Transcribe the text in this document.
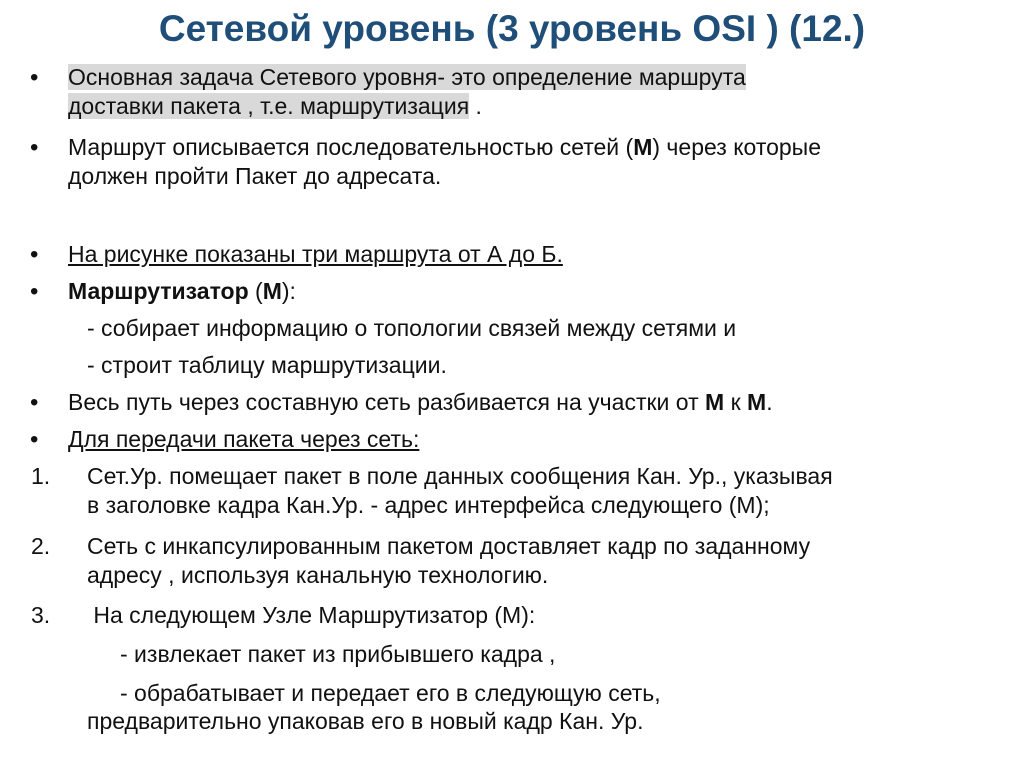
Сетевой уровень (3 уровень OSI ) (12.)
• Основная задача Сетевого уровня- это определение маршрута
доставки пакета , т.е. маршрутизация .
• Маршрут описывается последовательностью сетей (М) через которые
должен пройти Пакет до адресата.
• На рисунке показаны три маршрута от А до Б.
• Маршрутизатор (М):
- собирает информацию о топологии связей между сетями и
- строит таблицу маршрутизации.
• Весь путь через составную сеть разбивается на участки от М к М.
• Для передачи пакета через сеть:
1. Сет.Ур. помещает пакет в поле данных сообщения Кан. Ур., указывая
в заголовке кадра Кан.Ур. - адрес интерфейса следующего (М);
2. Сеть с инкапсулированным пакетом доставляет кадр по заданному
адресу , используя канальную технологию.
3. На следующем Узле Маршрутизатор (М):
- извлекает пакет из прибывшего кадра ,
- обрабатывает и передает его в следующую сеть,
предварительно упаковав его в новый кадр Кан. Ур.
